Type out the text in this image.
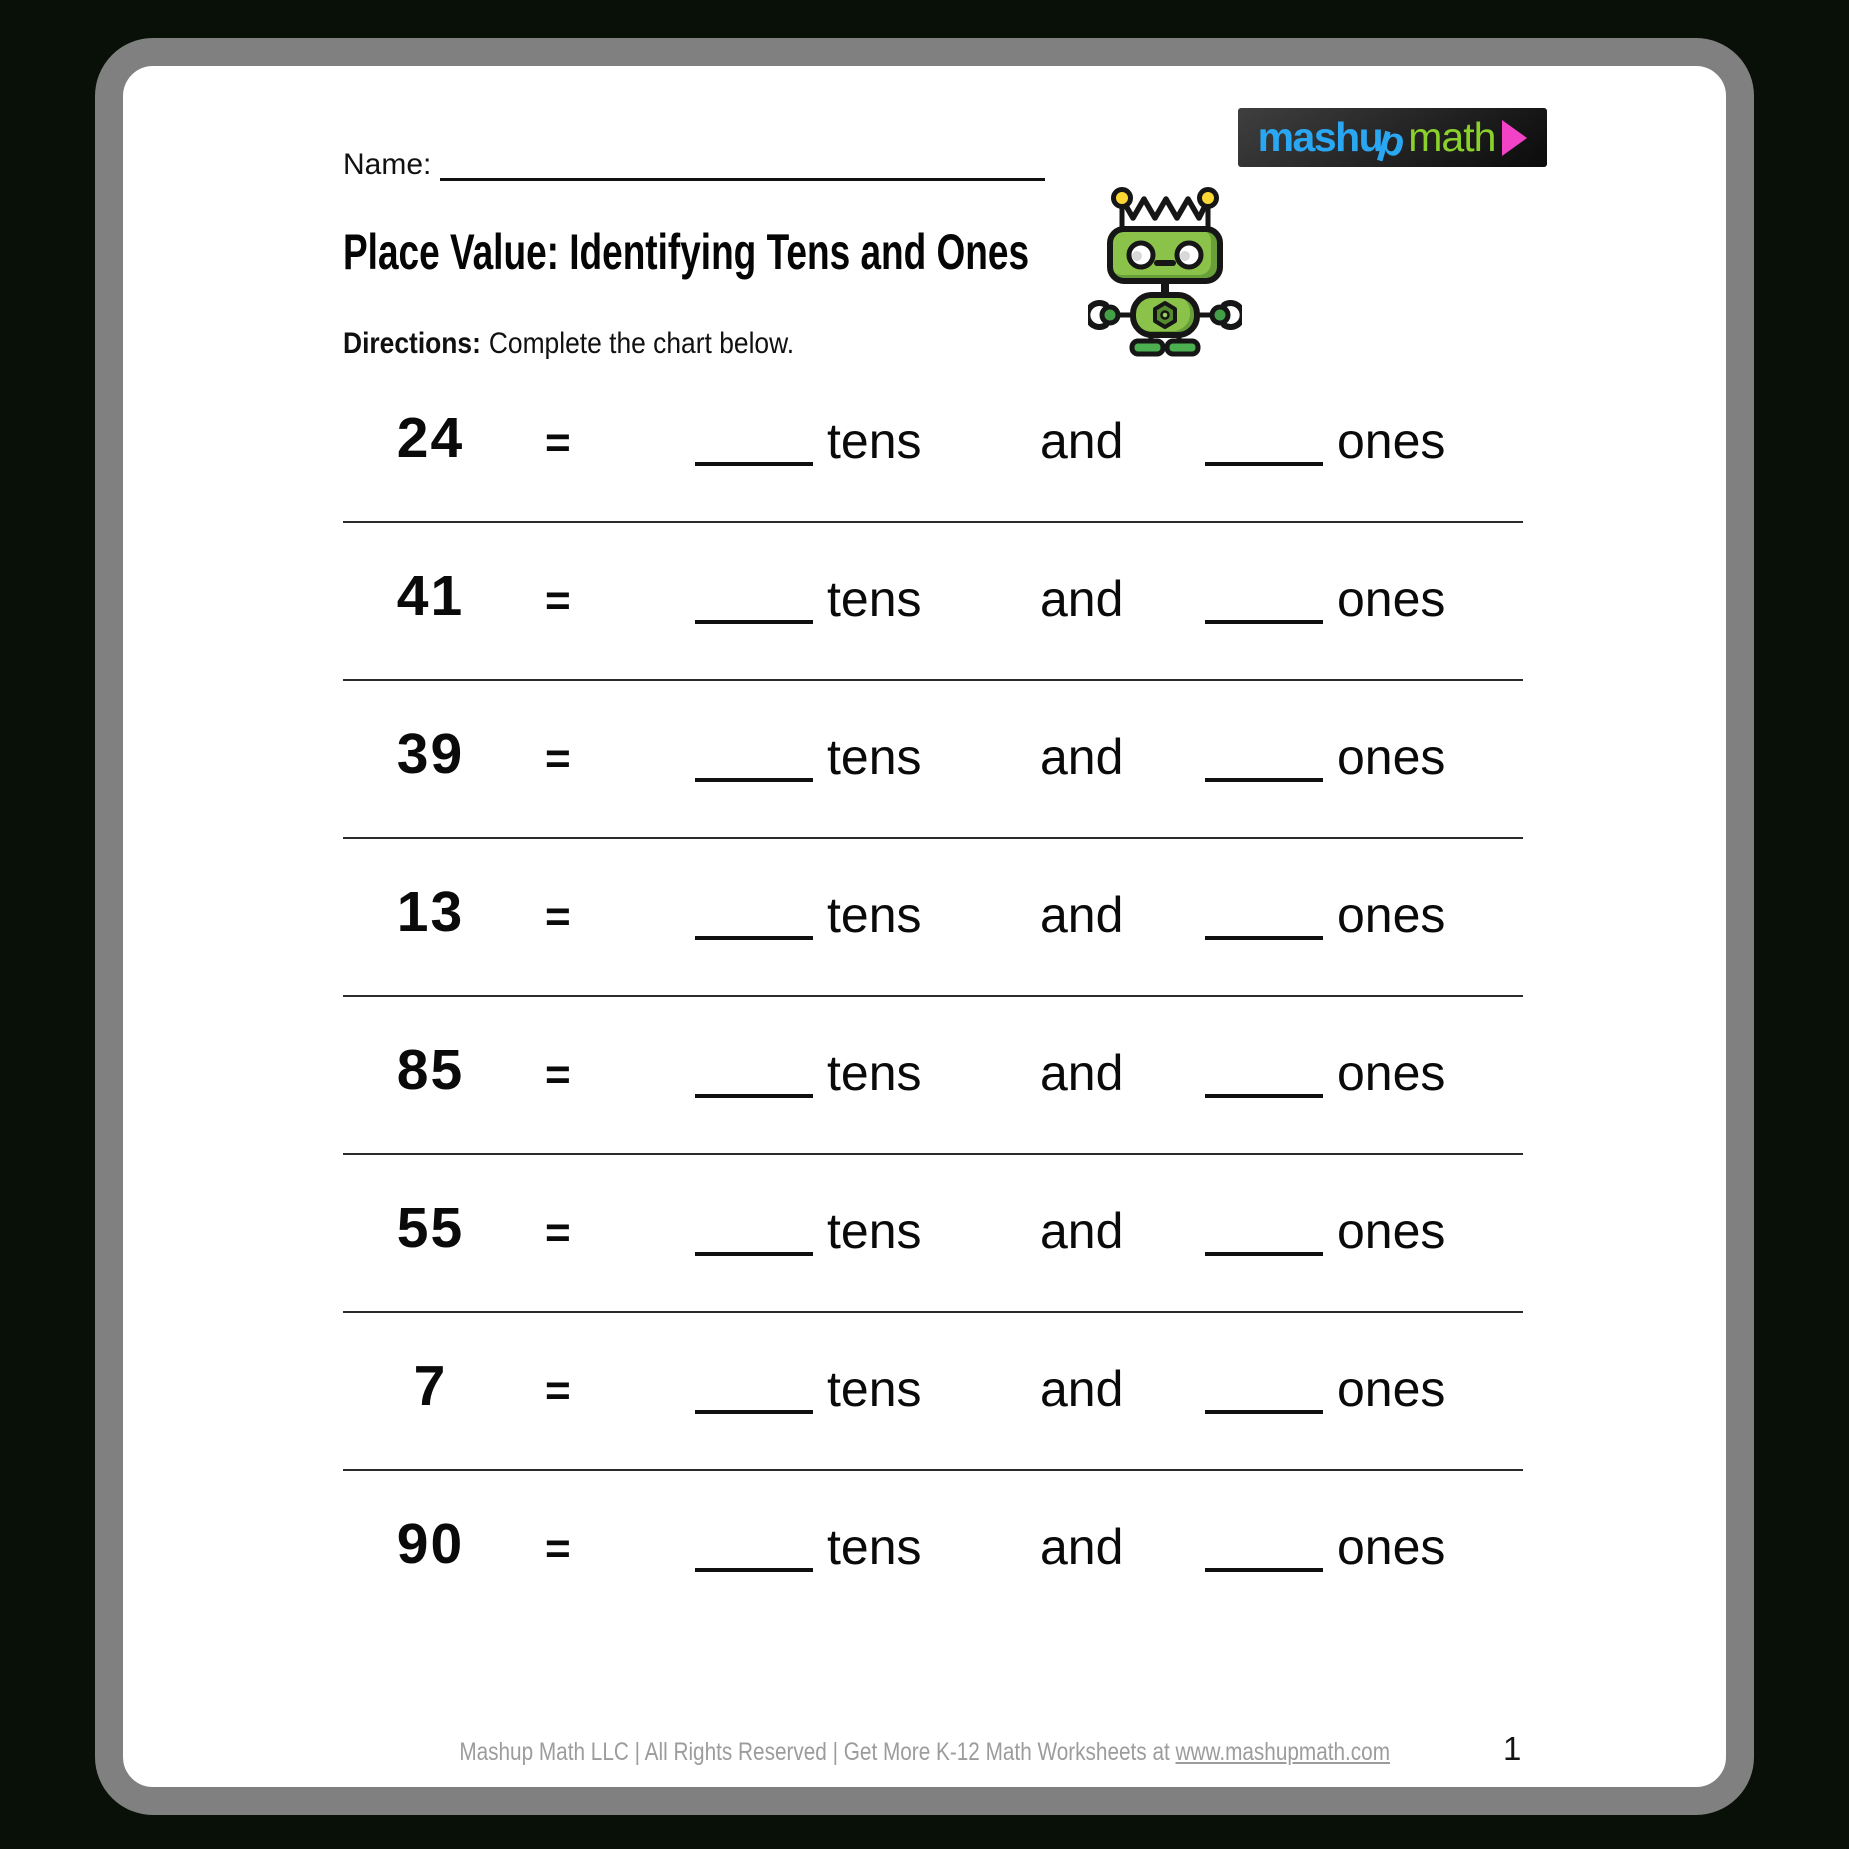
Name:
Place Value: Identifying Tens and Ones
Directions: Complete the chart below.
mashu
p
math
24	=	tens and	ones
41	=	tens and	ones
39	=	tens and	ones
13	=	tens and	ones
85	=	tens and	ones
55	=	tens and	ones
7	=	tens and	ones
90	=	tens and	ones
Mashup Math LLC | All Rights Reserved | Get More K-12 Math Worksheets at www.mashupmath.com	1
